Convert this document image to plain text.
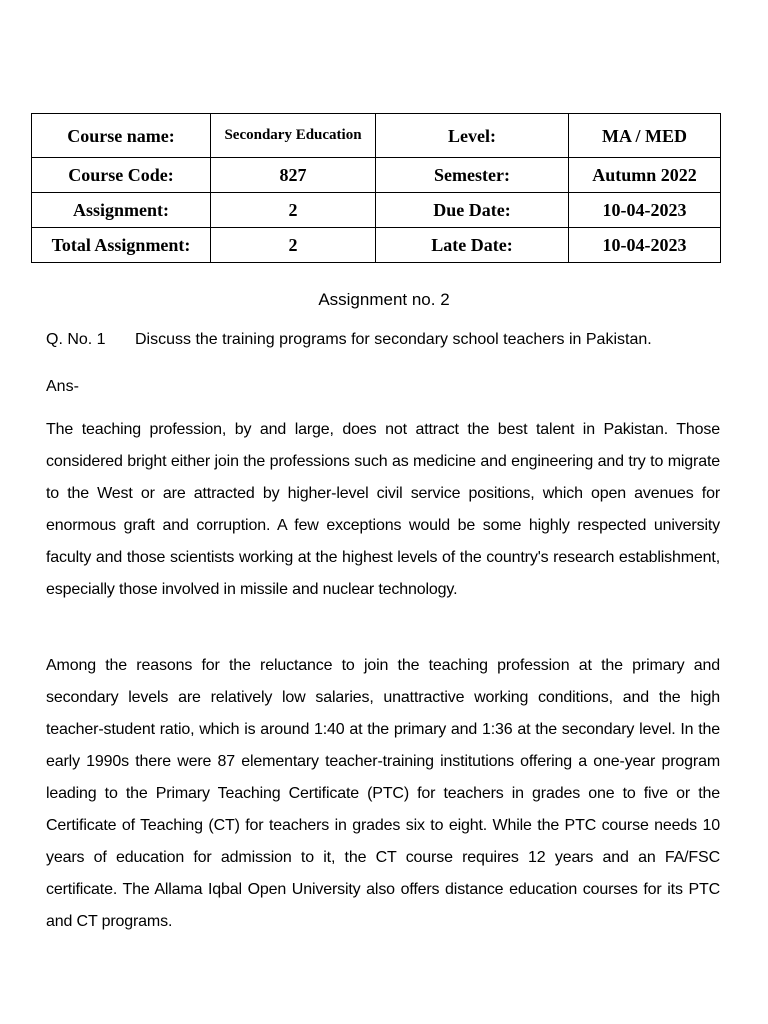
Course name:	Secondary Education	Level:	MA / MED
Course Code:	827	Semester:	Autumn 2022
Assignment:	2	Due Date:	10-04-2023
Total Assignment:	2	Late Date:	10-04-2023
Assignment no. 2
Q. No. 1 Discuss the training programs for secondary school teachers in Pakistan.
Ans-

The teaching profession, by and large, does not attract the best talent in Pakistan. Those considered bright either join the professions such as medicine and engineering and try to migrate to the West or are attracted by higher-level civil service positions, which open avenues for enormous graft and corruption. A few exceptions would be some highly respected university faculty and those scientists working at the highest levels of the country's research establishment, especially those involved in missile and nuclear technology.

Among the reasons for the reluctance to join the teaching profession at the primary and secondary levels are relatively low salaries, unattractive working conditions, and the high teacher-student ratio, which is around 1:40 at the primary and 1:36 at the secondary level. In the early 1990s there were 87 elementary teacher-training institutions offering a one-year program leading to the Primary Teaching Certificate (PTC) for teachers in grades one to five or the Certificate of Teaching (CT) for teachers in grades six to eight. While the PTC course needs 10 years of education for admission to it, the CT course requires 12 years and an FA/FSC certificate. The Allama Iqbal Open University also offers distance education courses for its PTC and CT programs.
